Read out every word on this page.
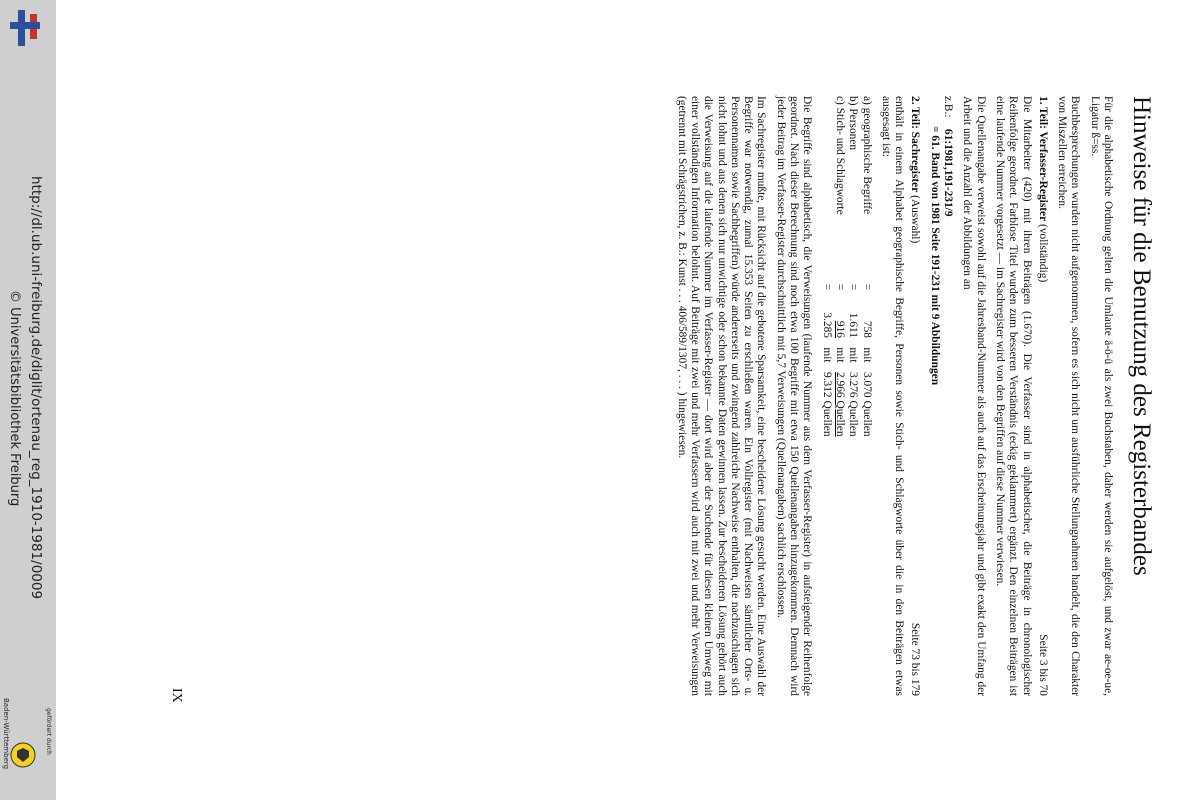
http://dl.ub.uni-freiburg.de/diglit/ortenau_reg_1910-1981/0009
© Universitätsbibliothek Freiburg
gefördert durch
Baden-Württemberg
Hinweise für die Benutzung des Registerbandes

Für die alphabetische Ordnung gelten die Umlaute ä-ö-ü als zwei Buchstaben, daher werden sie aufgelöst, und zwar ae-oe-ue, Ligatur ß=ss.

Buchbesprechungen wurden nicht aufgenommen, sofern es sich nicht um ausführliche Stellungnahmen handelt, die den Charakter von Miszellen erreichen.

1. Teil: Verfasser-Register (vollständig)
Seite 3 bis 70

Die Mitarbeiter (420) mit ihren Beiträgen (1.670). Die Verfasser sind in alphabetischer, die Beiträge in chronologischer Reihenfolge geordnet. Farblose Titel wurden zum besseren Verständnis (eckig geklammert) ergänzt. Den einzelnen Beiträgen ist eine laufende Nummer vorgesetzt — im Sachregister wird von den Begriffen auf diese Nummer verwiesen.

Die Quellenangabe verweist sowohl auf die Jahresband-Nummer als auch auf das Erscheinungsjahr und gibt exakt den Umfang der Arbeit und die Anzahl der Abbildungen an

z.B.:    61:1981,191-231/9
= 61. Band von 1981 Seite 191-231 mit 9 Abbildungen
2. Teil: Sachregister (Auswahl)
Seite 73 bis 179

enthält in einem Alphabet geographische Begriffe, Personen sowie Stich- und Schlagworte über die in den Beiträgen etwas ausgesagt ist:

a) geographische Begriffe
=
758
mit
3.070 Quellen
b) Personen
=
1.611
mit
3.276 Quellen
c) Stich- und Schlagworte
=
916
mit
2.966 Quellen
=
3.285
mit
9.312 Quellen

Die Begriffe sind alphabetisch, die Verweisungen (laufende Nummer aus dem Verfasser-Register) in aufsteigender Reihenfolge geordnet. Nach dieser Berechnung sind noch etwa 100 Begriffe mit etwa 150 Quellenangaben hinzugekommen. Demnach wird jeder Beitrag im Verfasser-Register durchschnittlich mit 5,7 Verweisungen (Quellenangaben) sachlich erschlossen.

Im Sachregister mußte, mit Rücksicht auf die gebotene Sparsamkeit, eine bescheidene Lösung gesucht werden. Eine Auswahl der Begriffe war notwendig, zumal 15.353 Seiten zu erschließen waren. Ein Vollregister (mit Nachweisen sämtlicher Orts- u. Personennamen sowie Sachbegriffen) würde andererseits und zwingend zahlreiche Nachweise enthalten, die nachzuschlagen sich nicht lohnt und aus denen sich nur unwichtige oder schon bekannte Daten gewinnen lassen. Zur bescheidenen Lösung gehört auch die Verweisung auf die laufende Nummer im Verfasser-Register — dort wird aber der Suchende für diesen kleinen Umweg mit einer vollständigen Information belohnt. Auf Beiträge mit zwei und mehr Verfassern wird auch mit zwei und mehr Verweisungen (getrennt mit Schrägstrichen, z. B.: Kunst . . . 406/589/1307, . . . ) hingewiesen.

IX
